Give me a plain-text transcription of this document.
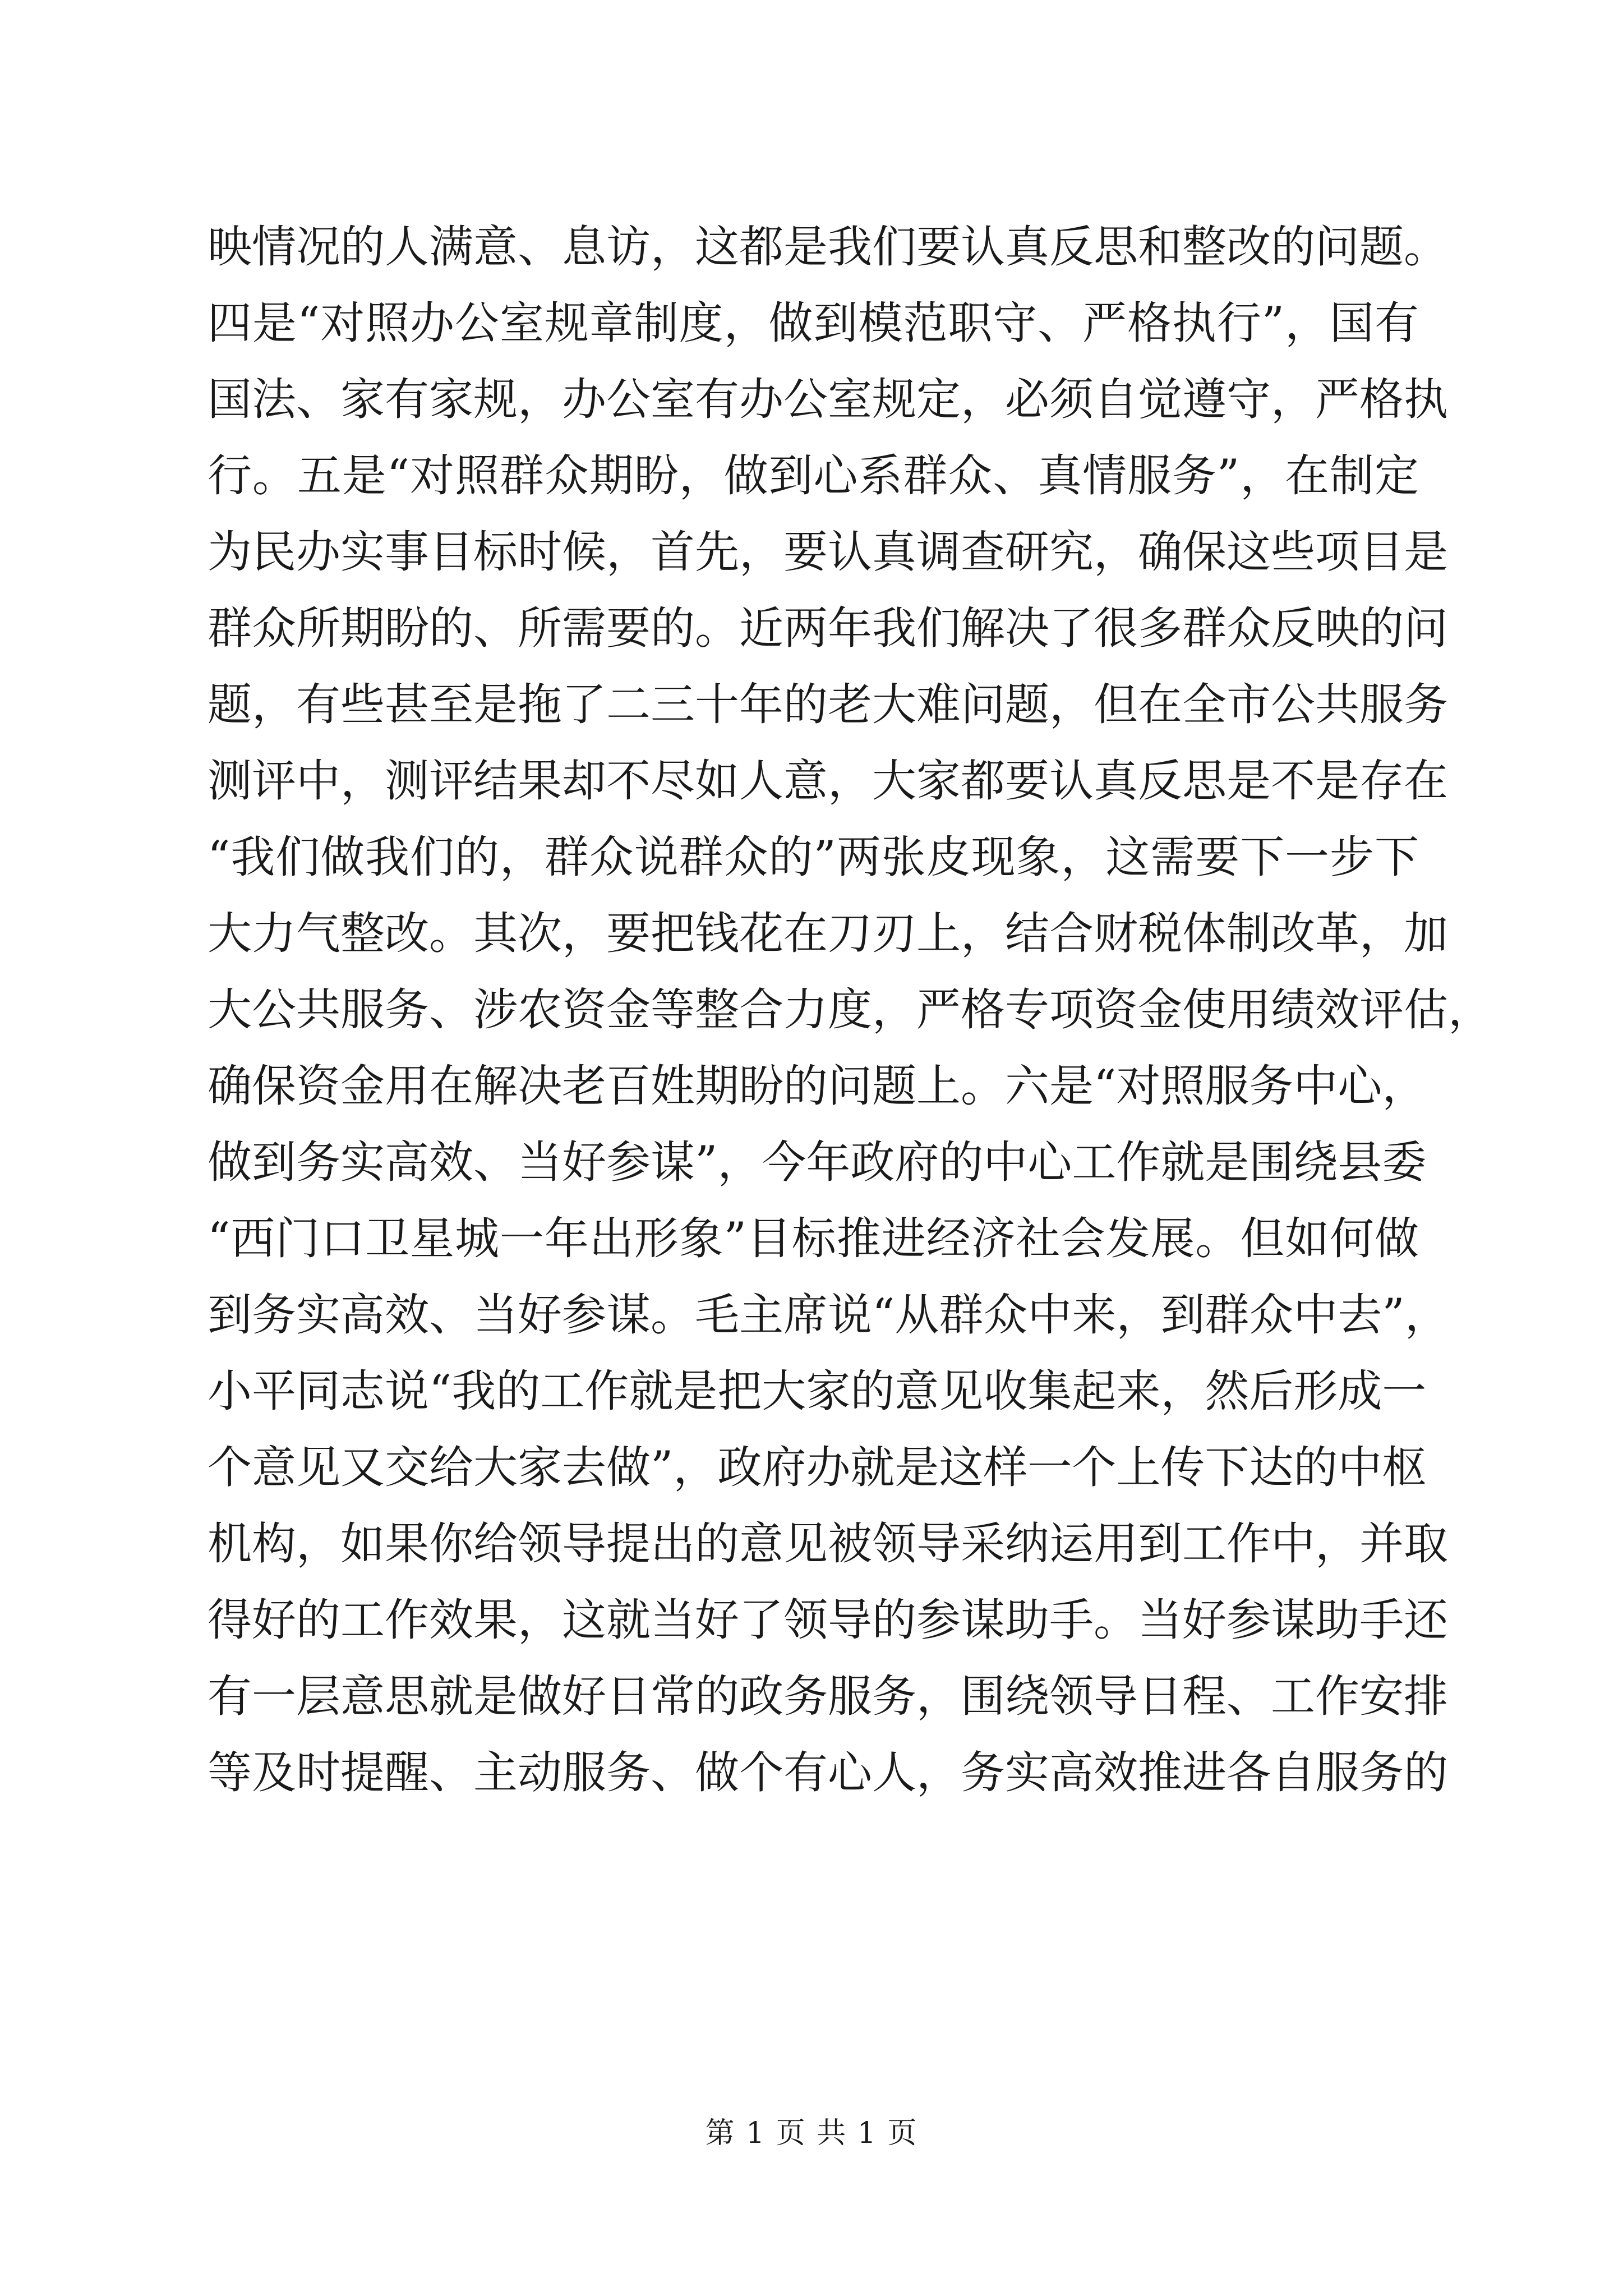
映情况的人满意、息访，这都是我们要认真反思和整改的问题。
四是“对照办公室规章制度，做到模范职守、严格执行”，国有
国法、家有家规，办公室有办公室规定，必须自觉遵守，严格执
行。五是“对照群众期盼，做到心系群众、真情服务”，在制定
为民办实事目标时候，首先，要认真调查研究，确保这些项目是
群众所期盼的、所需要的。近两年我们解决了很多群众反映的问
题，有些甚至是拖了二三十年的老大难问题，但在全市公共服务
测评中，测评结果却不尽如人意，大家都要认真反思是不是存在
“我们做我们的，群众说群众的”两张皮现象，这需要下一步下
大力气整改。其次，要把钱花在刀刃上，结合财税体制改革，加
大公共服务、涉农资金等整合力度，严格专项资金使用绩效评估，
确保资金用在解决老百姓期盼的问题上。六是“对照服务中心，
做到务实高效、当好参谋”，今年政府的中心工作就是围绕县委
“西门口卫星城一年出形象”目标推进经济社会发展。但如何做
到务实高效、当好参谋。毛主席说“从群众中来，到群众中去”，
小平同志说“我的工作就是把大家的意见收集起来，然后形成一
个意见又交给大家去做”，政府办就是这样一个上传下达的中枢
机构，如果你给领导提出的意见被领导采纳运用到工作中，并取
得好的工作效果，这就当好了领导的参谋助手。当好参谋助手还
有一层意思就是做好日常的政务服务，围绕领导日程、工作安排
等及时提醒、主动服务、做个有心人，务实高效推进各自服务的
第 1 页 共 1 页
